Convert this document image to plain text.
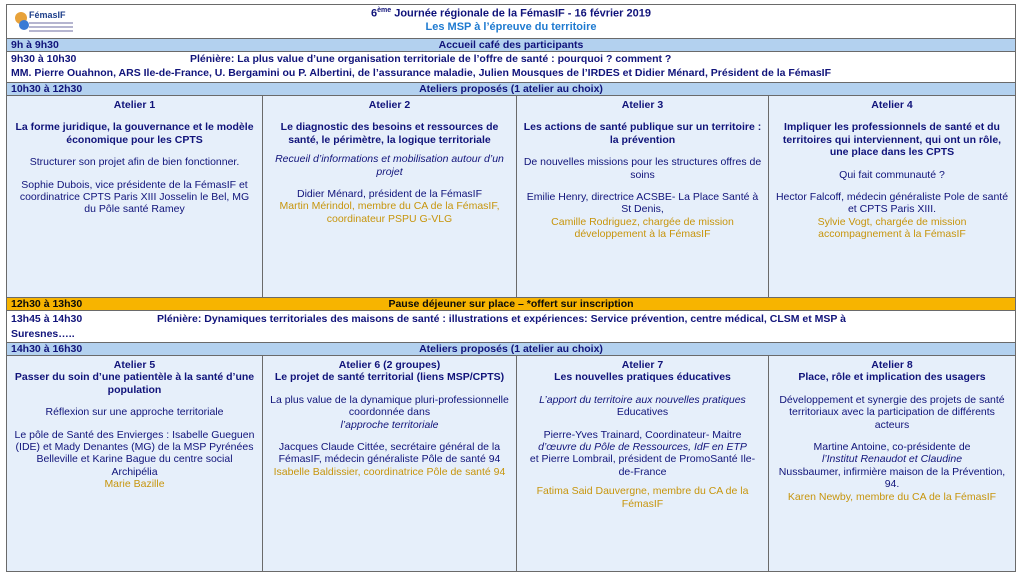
FémasIF	6ème Journée régionale de la FémasIF - 16 février 2019
Les MSP à l’épreuve du territoire
9h à 9h30	Accueil café des participants
9h30 à 10h30	Plénière: La plus value d’une organisation territoriale de l’offre de santé : pourquoi ? comment ?
MM. Pierre Ouahnon, ARS Ile-de-France, U. Bergamini ou P. Albertini, de l’assurance maladie, Julien Mousques de l’IRDES et Didier Ménard, Président de la FémasIF
10h30 à 12h30	Ateliers proposés (1 atelier au choix)
Atelier 1
La forme juridique, la gouvernance et le modèle économique pour les CPTS

Structurer son projet afin de bien fonctionner.

Sophie Dubois, vice présidente de la FémasIF et coordinatrice CPTS Paris XIII Josselin le Bel, MG du Pôle santé Ramey

Atelier 2
Le diagnostic des besoins et ressources de santé, le périmètre, la logique territoriale

Recueil d’informations et mobilisation autour d’un projet

Didier Ménard, président de la FémasIF

Martin Mérindol, membre du CA de la FémasIF, coordinateur PSPU G-VLG

Atelier 3
Les actions de santé publique sur un territoire : la prévention

De nouvelles missions pour les structures offres de soins

Emilie Henry, directrice ACSBE- La Place Santé à St Denis,

Camille Rodriguez, chargée de mission développement à la FémasIF

Atelier 4
Impliquer les professionnels de santé et du territoires qui interviennent, qui ont un rôle, une place dans les CPTS

Qui fait communauté ?

Hector Falcoff, médecin généraliste Pole de santé et CPTS Paris XIII.

Sylvie Vogt, chargée de mission accompagnement à la FémasIF

12h30 à 13h30	Pause déjeuner sur place – *offert sur inscription
13h45 à 14h30	Plénière: Dynamiques territoriales des maisons de santé : illustrations et expériences: Service prévention, centre médical, CLSM et MSP à
Suresnes…..
14h30 à 16h30	Ateliers proposés (1 atelier au choix)
Atelier 5
Passer du soin d’une patientèle à la santé d’une population

Réflexion sur une approche territoriale

Le pôle de Santé des Envierges : Isabelle Gueguen (IDE) et Mady Denantes (MG) de la MSP Pyrénées Belleville et Karine Bague du centre social Archipélia

Marie Bazille

Atelier 6 (2 groupes)
Le projet de santé territorial (liens MSP/CPTS)

La plus value de la dynamique pluri-professionnelle coordonnée dans

l’approche territoriale

Jacques Claude Cittée, secrétaire général de la FémasIF, médecin généraliste Pôle de santé 94

Isabelle Baldissier, coordinatrice Pôle de santé 94

Atelier 7
Les nouvelles pratiques éducatives

L’apport du territoire aux nouvelles pratiques

Educatives

Pierre-Yves Trainard, Coordinateur- Maitre

d’œuvre du Pôle de Ressources, IdF en ETP

et Pierre Lombrail, président de PromoSanté Ile-de-France

Fatima Said Dauvergne, membre du CA de la FémasIF

Atelier 8
Place, rôle et implication des usagers

Développement et synergie des projets de santé territoriaux avec la participation de différents acteurs

Martine Antoine, co-présidente de

l’Institut Renaudot et Claudine

Nussbaumer, infirmière maison de la Prévention, 94.

Karen Newby, membre du CA de la FémasIF
